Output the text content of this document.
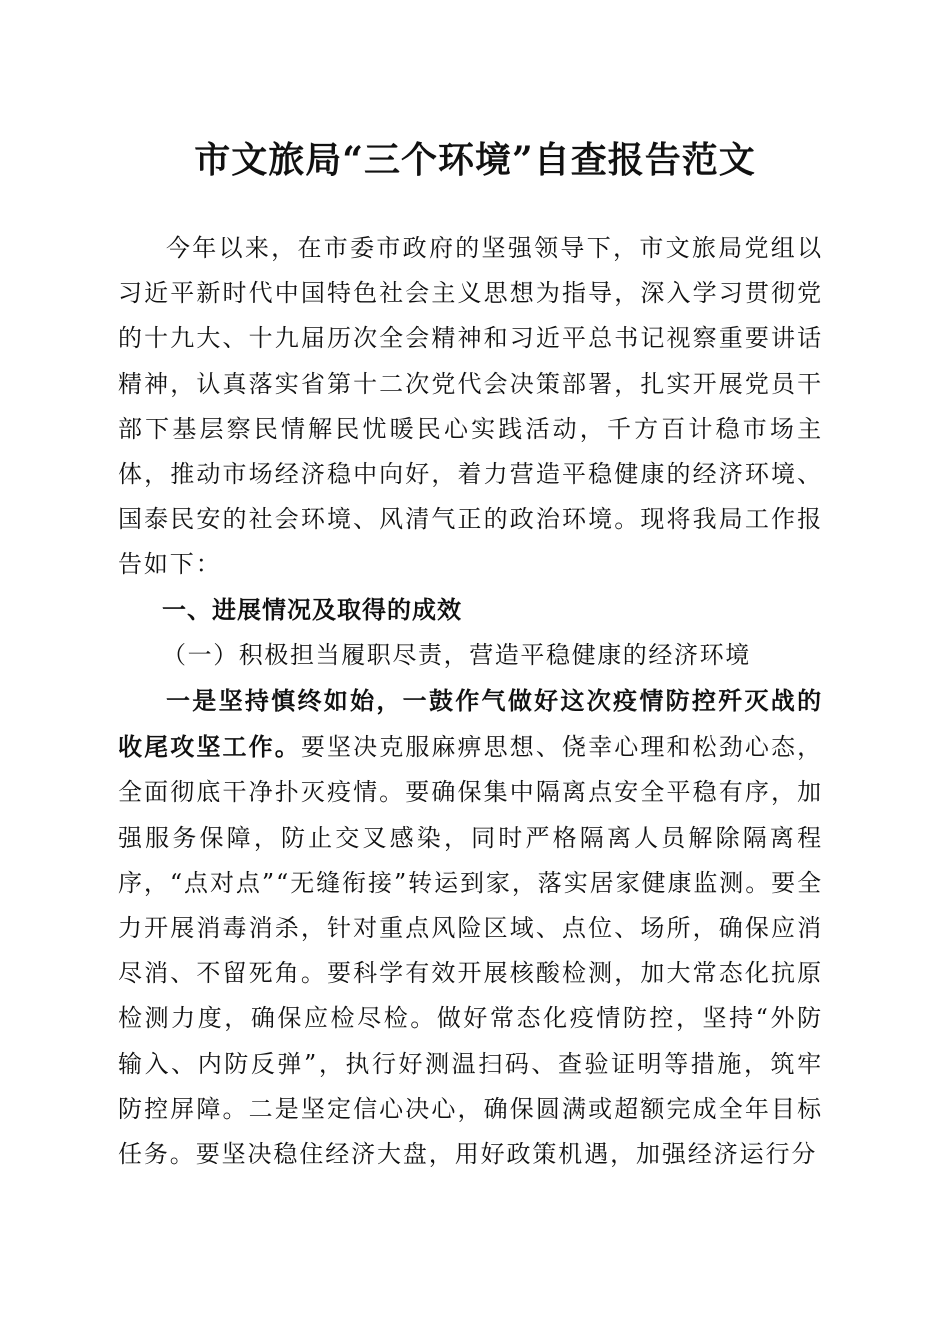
市文旅局“三个环境”自查报告范文

今年以来，在市委市政府的坚强领导下，市文旅局党组以习近平新时代中国特色社会主义思想为指导，深入学习贯彻党的十九大、十九届历次全会精神和习近平总书记视察重要讲话精神，认真落实省第十二次党代会决策部署，扎实开展党员干部下基层察民情解民忧暖民心实践活动，千方百计稳市场主体，推动市场经济稳中向好，着力营造平稳健康的经济环境、国泰民安的社会环境、风清气正的政治环境。现将我局工作报告如下：

一、进展情况及取得的成效

（一）积极担当履职尽责，营造平稳健康的经济环境

一是坚持慎终如始，一鼓作气做好这次疫情防控歼灭战的收尾攻坚工作。要坚决克服麻痹思想、侥幸心理和松劲心态，全面彻底干净扑灭疫情。要确保集中隔离点安全平稳有序，加强服务保障，防止交叉感染，同时严格隔离人员解除隔离程序，“点对点”“无缝衔接”转运到家，落实居家健康监测。要全力开展消毒消杀，针对重点风险区域、点位、场所，确保应消尽消、不留死角。要科学有效开展核酸检测，加大常态化抗原检测力度，确保应检尽检。做好常态化疫情防控，坚持“外防输入、内防反弹”，执行好测温扫码、查验证明等措施，筑牢防控屏障。二是坚定信心决心，确保圆满或超额完成全年目标任务。要坚决稳住经济大盘，用好政策机遇，加强经济运行分
